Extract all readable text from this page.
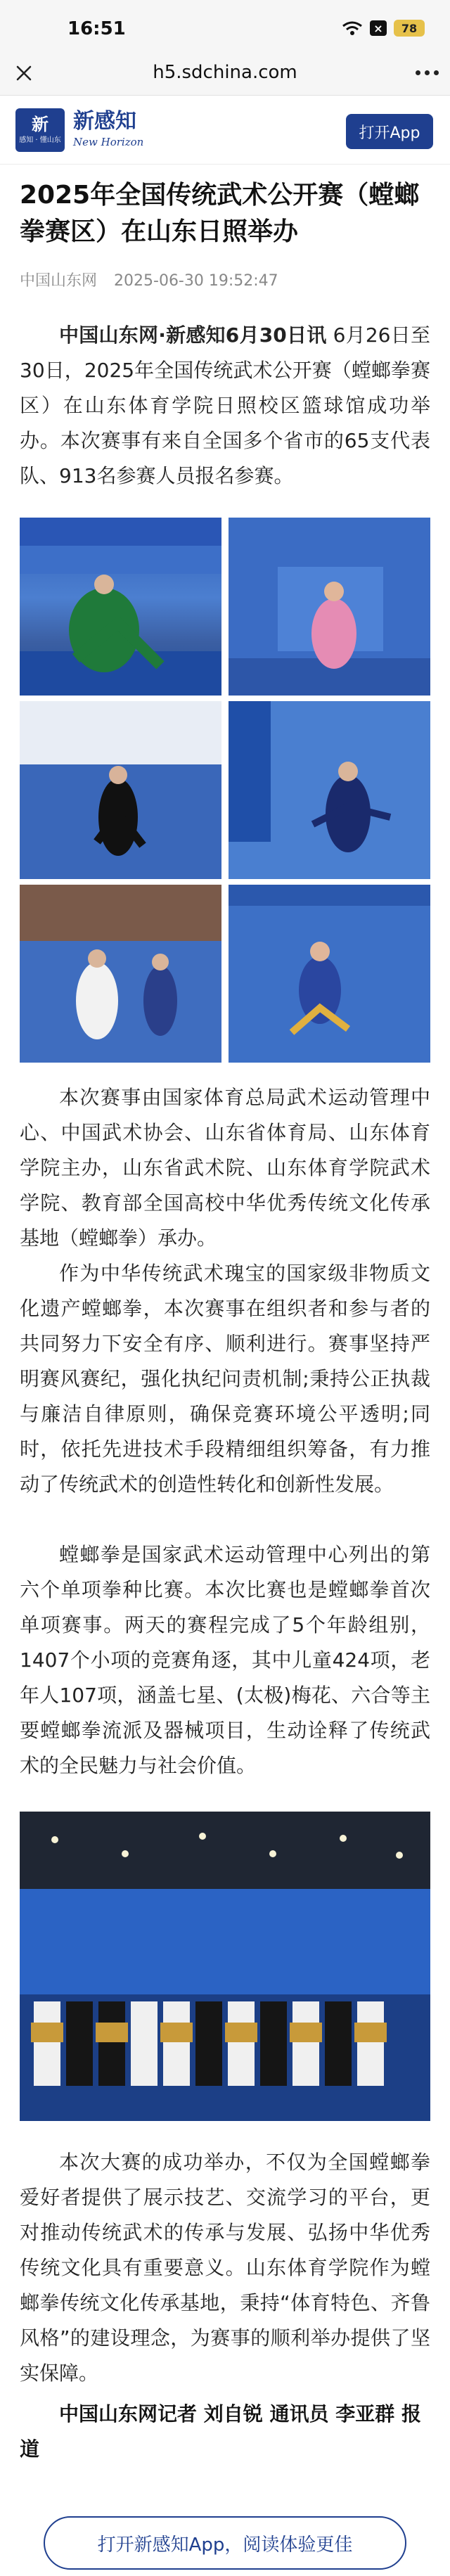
16:51	×	78
h5.sdchina.com
新
感知 · 懂山东
新感知
New Horizon
打开App
2025年全国传统武术公开赛（螳螂拳赛区）在山东日照举办
中国山东网 2025-06-30 19:52:47

中国山东网·新感知6月30日讯 6月26日至30日，2025年全国传统武术公开赛（螳螂拳赛区）在山东体育学院日照校区篮球馆成功举办。本次赛事有来自全国多个省市的65支代表队、913名参赛人员报名参赛。

本次赛事由国家体育总局武术运动管理中心、中国武术协会、山东省体育局、山东体育学院主办，山东省武术院、山东体育学院武术学院、教育部全国高校中华优秀传统文化传承基地（螳螂拳）承办。

作为中华传统武术瑰宝的国家级非物质文化遗产螳螂拳，本次赛事在组织者和参与者的共同努力下安全有序、顺利进行。赛事坚持严明赛风赛纪，强化执纪问责机制;秉持公正执裁与廉洁自律原则，确保竞赛环境公平透明;同时，依托先进技术手段精细组织筹备，有力推动了传统武术的创造性转化和创新性发展。

螳螂拳是国家武术运动管理中心列出的第六个单项拳种比赛。本次比赛也是螳螂拳首次单项赛事。两天的赛程完成了5个年龄组别，1407个小项的竞赛角逐，其中儿童424项，老年人107项，涵盖七星、(太极)梅花、六合等主要螳螂拳流派及器械项目，生动诠释了传统武术的全民魅力与社会价值。

本次大赛的成功举办，不仅为全国螳螂拳爱好者提供了展示技艺、交流学习的平台，更对推动传统武术的传承与发展、弘扬中华优秀传统文化具有重要意义。山东体育学院作为螳螂拳传统文化传承基地，秉持“体育特色、齐鲁风格”的建设理念，为赛事的顺利举办提供了坚实保障。

中国山东网记者 刘自锐 通讯员 李亚群 报道

打开新感知App，阅读体验更佳
